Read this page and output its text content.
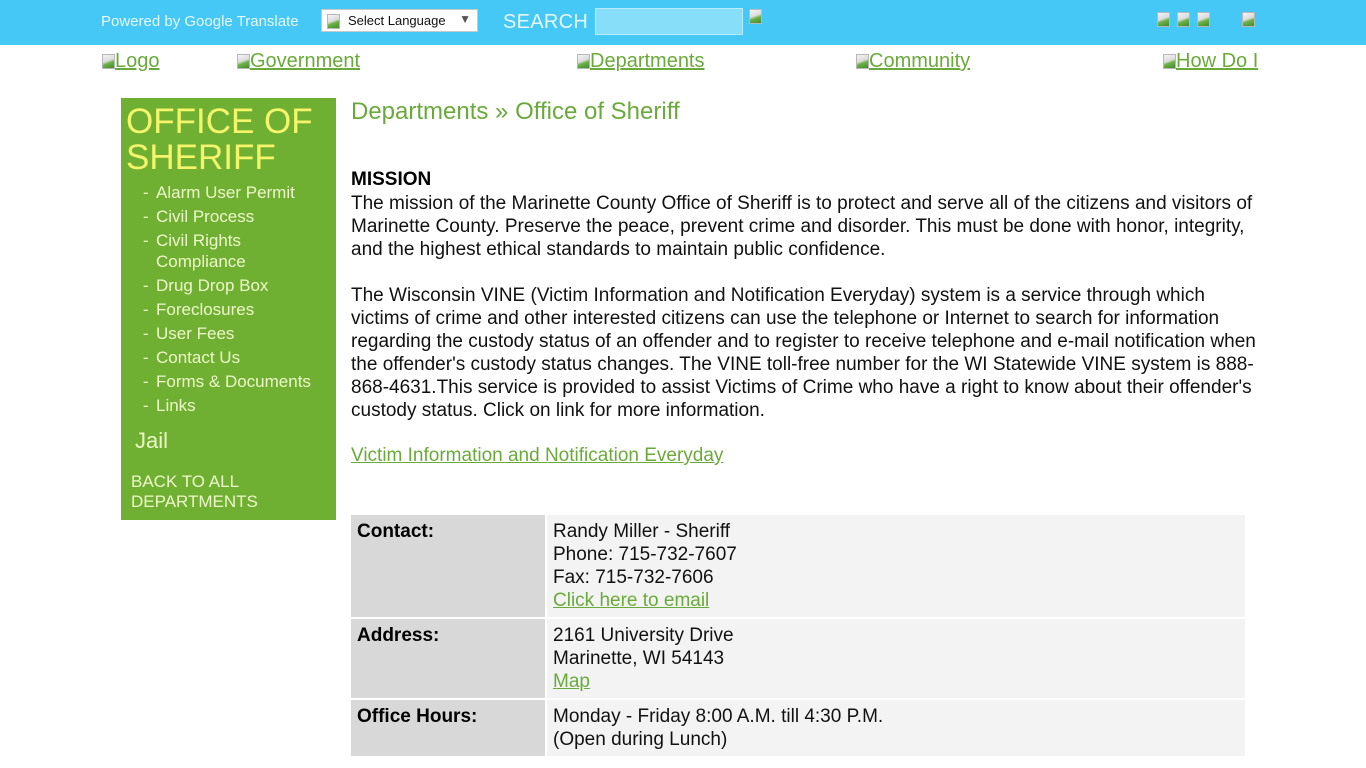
Powered by Google Translate	Select Language ▼ SEARCH
Logo	Government	Departments	Community	How Do I
OFFICE OF
SHERIFF
- Alarm User Permit
- Civil Process
- Civil Rights Compliance
- Drug Drop Box
- Foreclosures
- User Fees
- Contact Us
- Forms & Documents
- Links
Jail
BACK TO ALL
DEPARTMENTS
Departments » Office of Sheriff
MISSION

The mission of the Marinette County Office of Sheriff is to protect and serve all of the citizens and visitors of Marinette County. Preserve the peace, prevent crime and disorder. This must be done with honor, integrity, and the highest ethical standards to maintain public confidence.

The Wisconsin VINE (Victim Information and Notification Everyday) system is a service through which victims of crime and other interested citizens can use the telephone or Internet to search for information regarding the custody status of an offender and to register to receive telephone and e-mail notification when the offender's custody status changes. The VINE toll-free number for the WI Statewide VINE system is 888-868-4631.This service is provided to assist Victims of Crime who have a right to know about their offender's custody status. Click on link for more information.

Victim Information and Notification Everyday
Contact:	Randy Miller - Sheriff
Phone: 715-732-7607
Fax: 715-732-7606
Click here to email

Address:	2161 University Drive
Marinette, WI 54143
Map

Office Hours:	Monday - Friday 8:00 A.M. till 4:30 P.M.
(Open during Lunch)
